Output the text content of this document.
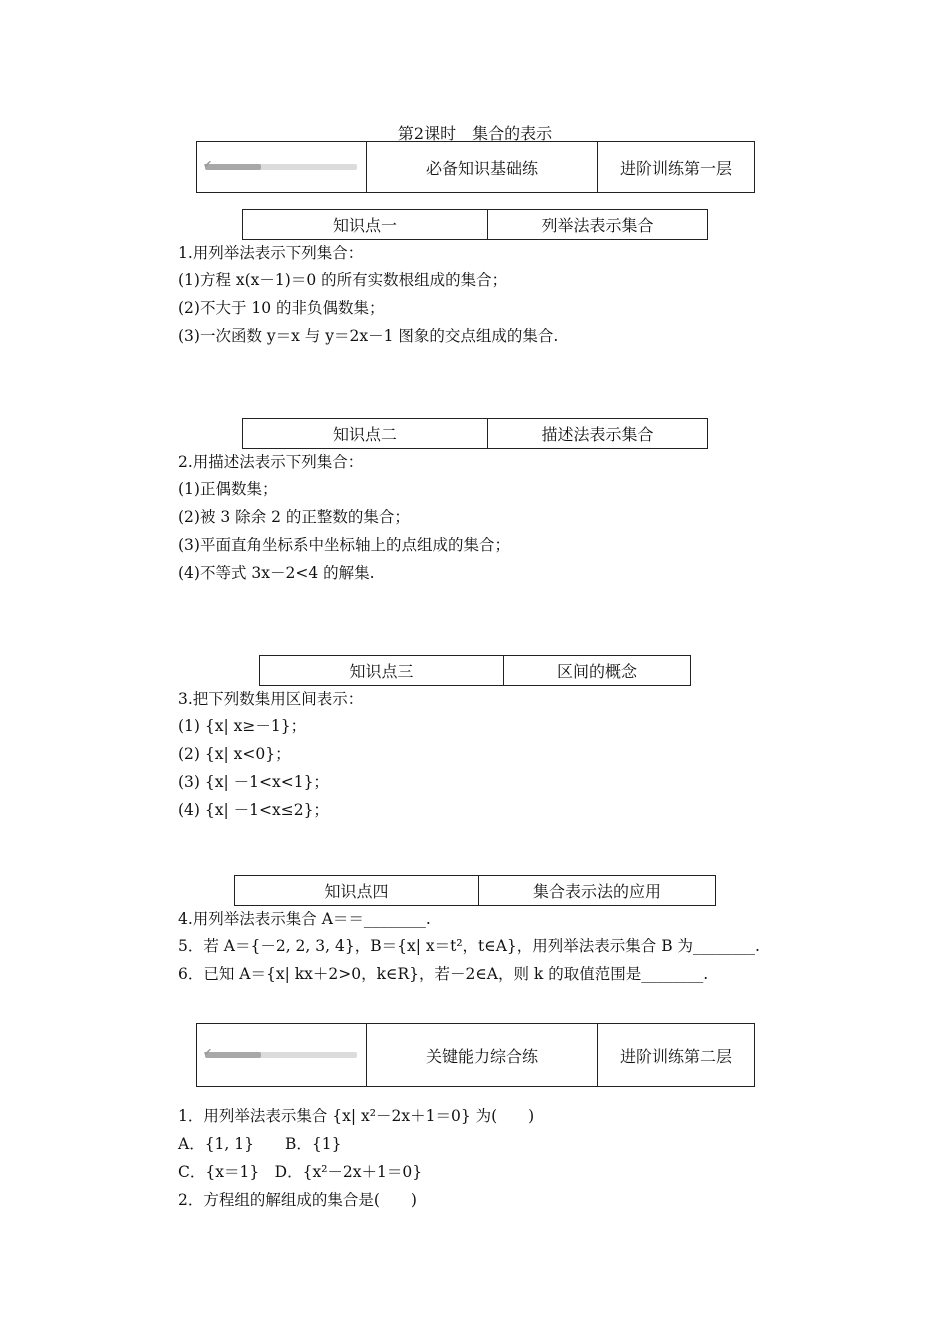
第2课时　集合的表示
✔	必备知识基础练	进阶训练第一层
知识点一	列举法表示集合
1.用列举法表示下列集合：
(1)方程 x(x－1)＝0 的所有实数根组成的集合；
(2)不大于 10 的非负偶数集；
(3)一次函数 y＝x 与 y＝2x－1 图象的交点组成的集合.
知识点二	描述法表示集合
2.用描述法表示下列集合：
(1)正偶数集；
(2)被 3 除余 2 的正整数的集合；
(3)平面直角坐标系中坐标轴上的点组成的集合；
(4)不等式 3x－2<4 的解集.
知识点三	区间的概念
3.把下列数集用区间表示：
(1) {x| x≥－1}；
(2) {x| x<0}；
(3) {x| －1<x<1}；
(4) {x| －1<x≤2}；
知识点四	集合表示法的应用
4.用列举法表示集合 A＝＝________.
5．若 A＝{－2, 2, 3, 4}，B＝{x| x＝t²，t∈A}，用列举法表示集合 B 为________.
6．已知 A＝{x| kx＋2>0，k∈R}，若－2∈A，则 k 的取值范围是________.
✔	关键能力综合练	进阶训练第二层
1．用列举法表示集合 {x| x²－2x＋1＝0} 为(　　)
A．{1, 1}　　B．{1}
C．{x＝1}　D．{x²－2x＋1＝0}
2．方程组的解组成的集合是(　　)
